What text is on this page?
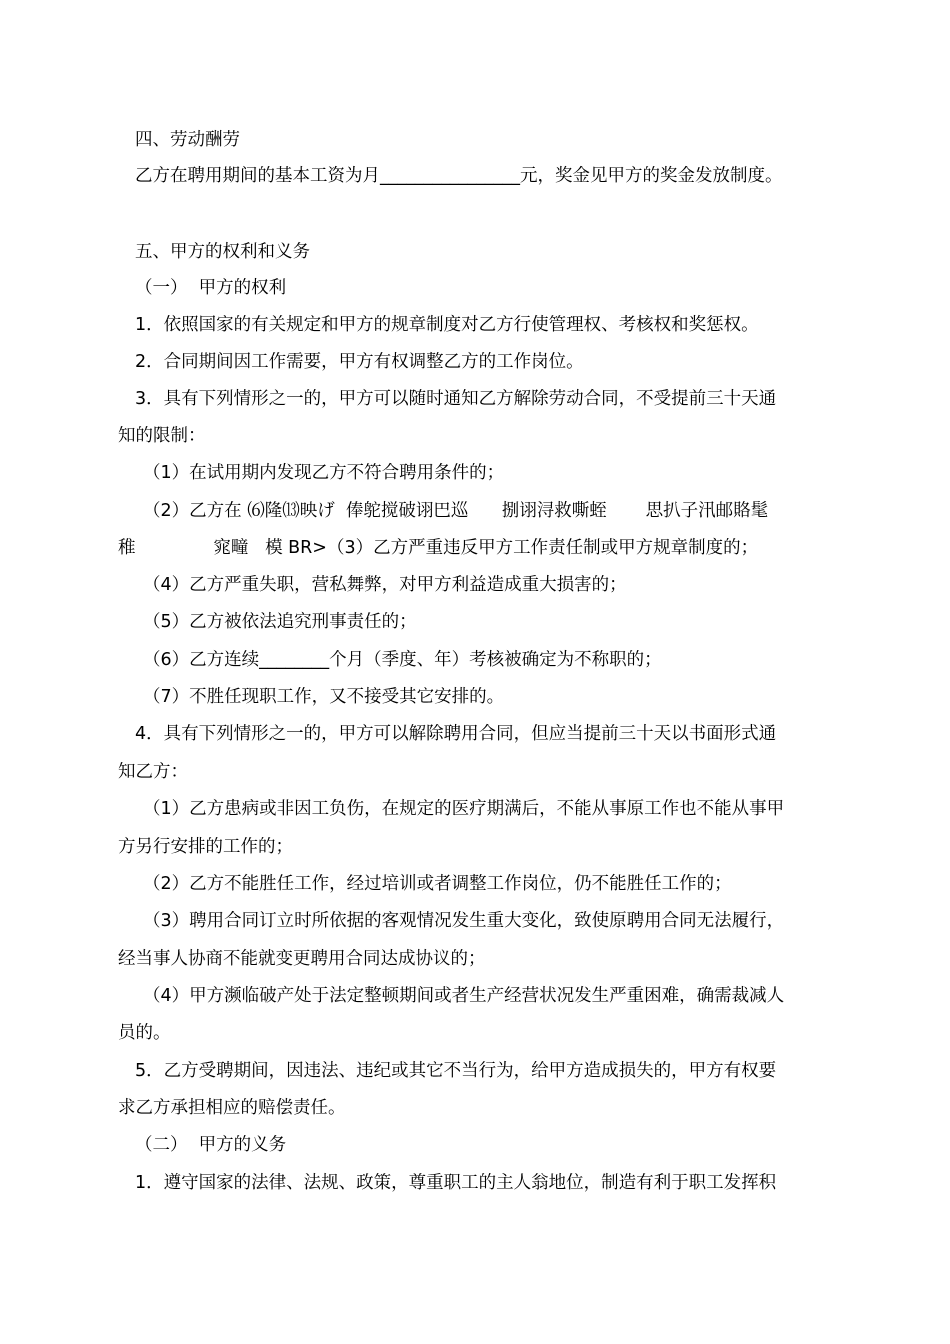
四、劳动酬劳
乙方在聘用期间的基本工资为月________________元，奖金见甲方的奖金发放制度。
五、甲方的权利和义务
（一）  甲方的权利
1．依照国家的有关规定和甲方的规章制度对乙方行使管理权、考核权和奖惩权。
2．合同期间因工作需要，甲方有权调整乙方的工作岗位。
3．具有下列情形之一的，甲方可以随时通知乙方解除劳动合同，不受提前三十天通
知的限制：
（1）在试用期内发现乙方不符合聘用条件的；
（2）乙方在 ⑹隆⒀映げ  俸鸵搅破诩巴巡      捌诩浔救嘶蛭       思扒子汛邮賂髦
稚              窕疃   模 BR>（3）乙方严重违反甲方工作责任制或甲方规章制度的；
（4）乙方严重失职，营私舞弊，对甲方利益造成重大损害的；
（5）乙方被依法追究刑事责任的；
（6）乙方连续________个月（季度、年）考核被确定为不称职的；
（7）不胜任现职工作，又不接受其它安排的。
4．具有下列情形之一的，甲方可以解除聘用合同，但应当提前三十天以书面形式通
知乙方：
（1）乙方患病或非因工负伤，在规定的医疗期满后，不能从事原工作也不能从事甲
方另行安排的工作的；
（2）乙方不能胜任工作，经过培训或者调整工作岗位，仍不能胜任工作的；
（3）聘用合同订立时所依据的客观情况发生重大变化，致使原聘用合同无法履行，
经当事人协商不能就变更聘用合同达成协议的；
（4）甲方濒临破产处于法定整顿期间或者生产经营状况发生严重困难，确需裁减人
员的。
5．乙方受聘期间，因违法、违纪或其它不当行为，给甲方造成损失的，甲方有权要
求乙方承担相应的赔偿责任。
（二）  甲方的义务
1．遵守国家的法律、法规、政策，尊重职工的主人翁地位，制造有利于职工发挥积
